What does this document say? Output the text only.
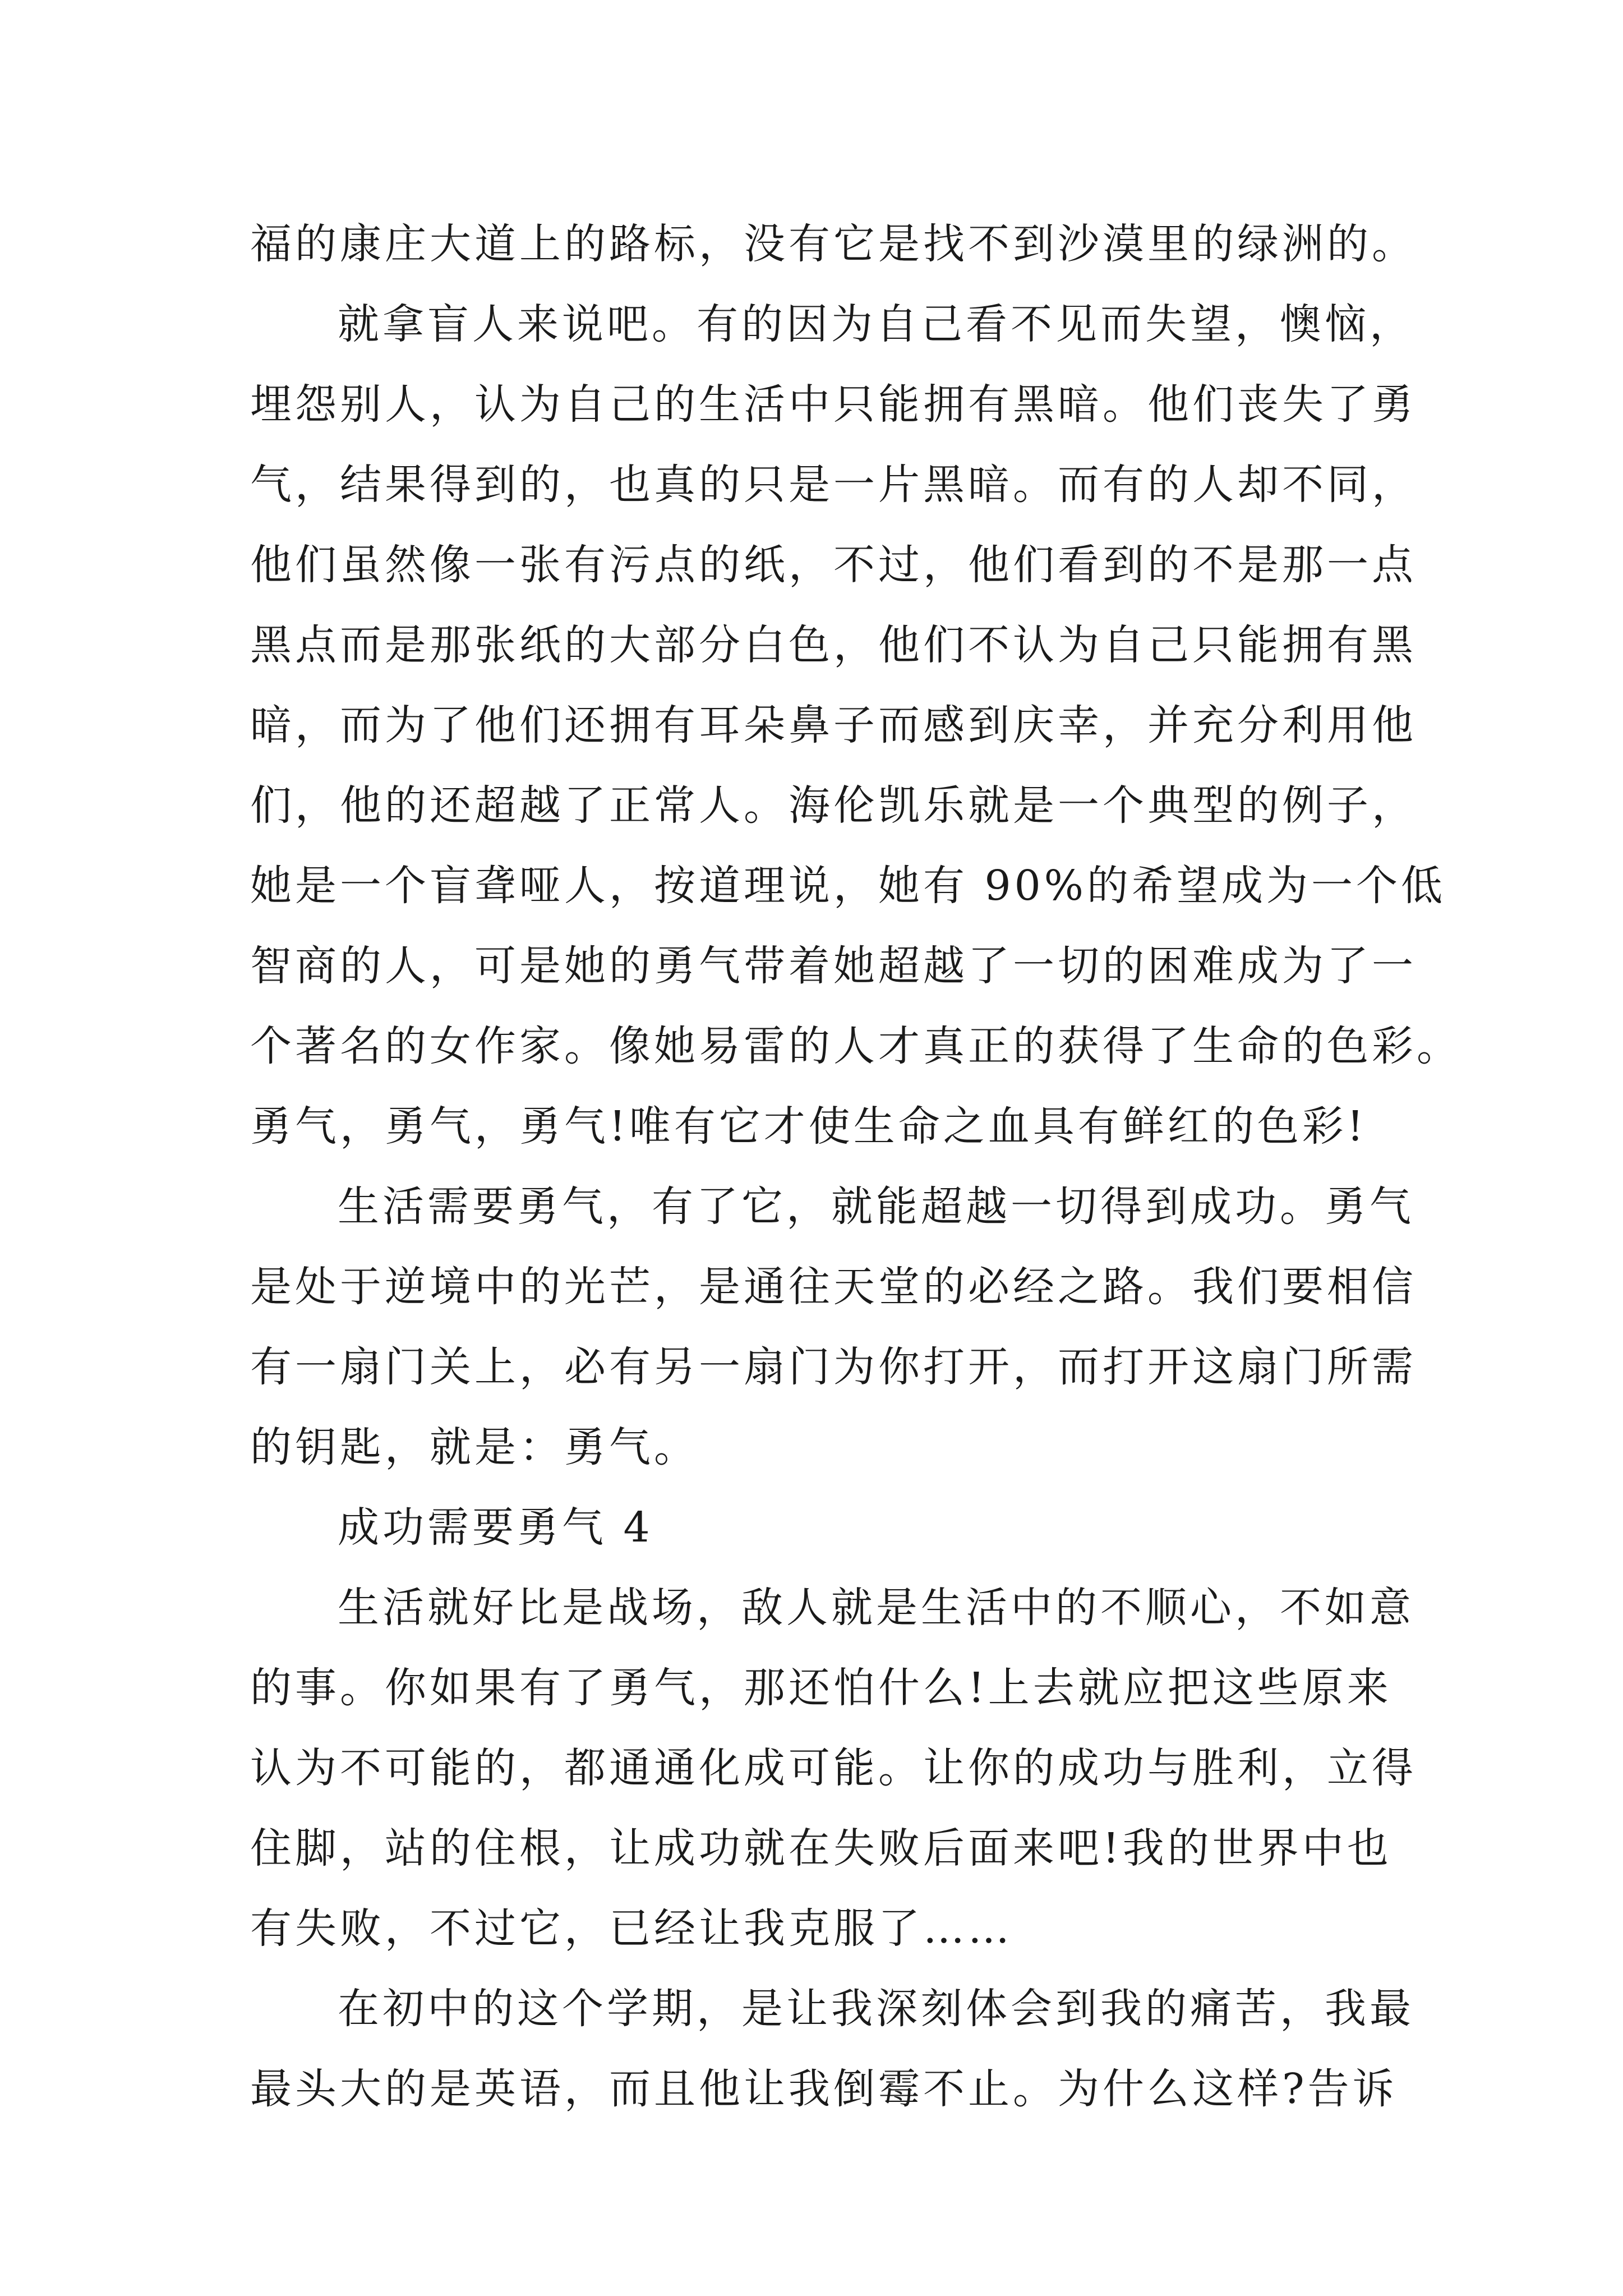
福的康庄大道上的路标，没有它是找不到沙漠里的绿洲的。
就拿盲人来说吧。有的因为自己看不见而失望，懊恼，
埋怨别人，认为自己的生活中只能拥有黑暗。他们丧失了勇
气，结果得到的，也真的只是一片黑暗。而有的人却不同，
他们虽然像一张有污点的纸，不过，他们看到的不是那一点
黑点而是那张纸的大部分白色，他们不认为自己只能拥有黑
暗，而为了他们还拥有耳朵鼻子而感到庆幸，并充分利用他
们，他的还超越了正常人。海伦凯乐就是一个典型的例子，
她是一个盲聋哑人，按道理说，她有 90%的希望成为一个低
智商的人，可是她的勇气带着她超越了一切的困难成为了一
个著名的女作家。像她易雷的人才真正的获得了生命的色彩。
勇气，勇气，勇气!唯有它才使生命之血具有鲜红的色彩!
生活需要勇气，有了它，就能超越一切得到成功。勇气
是处于逆境中的光芒，是通往天堂的必经之路。我们要相信
有一扇门关上，必有另一扇门为你打开，而打开这扇门所需
的钥匙，就是：勇气。
成功需要勇气 4
生活就好比是战场，敌人就是生活中的不顺心，不如意
的事。你如果有了勇气，那还怕什么!上去就应把这些原来
认为不可能的，都通通化成可能。让你的成功与胜利，立得
住脚，站的住根，让成功就在失败后面来吧!我的世界中也
有失败，不过它，已经让我克服了……
在初中的这个学期，是让我深刻体会到我的痛苦，我最
最头大的是英语，而且他让我倒霉不止。为什么这样?告诉
